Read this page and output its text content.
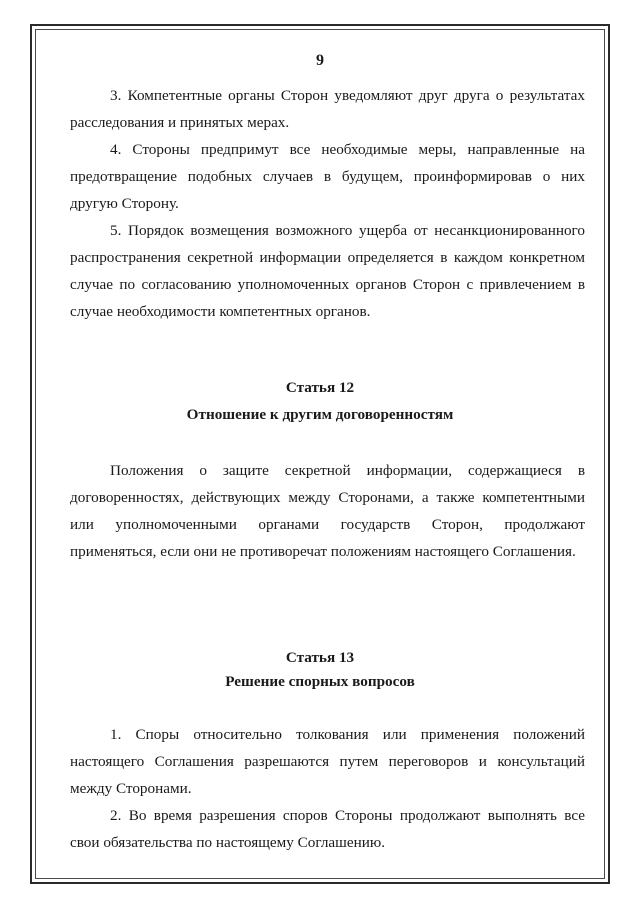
9

3. Компетентные органы Сторон уведомляют друг друга о результатах расследования и принятых мерах.

4. Стороны предпримут все необходимые меры, направленные на предотвращение подобных случаев в будущем, проинформировав о них другую Сторону.

5. Порядок возмещения возможного ущерба от несанкционированного распространения секретной информации определяется в каждом конкретном случае по согласованию уполномоченных органов Сторон с привлечением в случае необходимости компетентных органов.

Статья 12
Отношение к другим договоренностям

Положения о защите секретной информации, содержащиеся в договоренностях, действующих между Сторонами, а также компетентными или уполномоченными органами государств Сторон, продолжают применяться, если они не противоречат положениям настоящего Соглашения.

Статья 13
Решение спорных вопросов

1. Споры относительно толкования или применения положений настоящего Соглашения разрешаются путем переговоров и консультаций между Сторонами.

2. Во время разрешения споров Стороны продолжают выполнять все свои обязательства по настоящему Соглашению.
